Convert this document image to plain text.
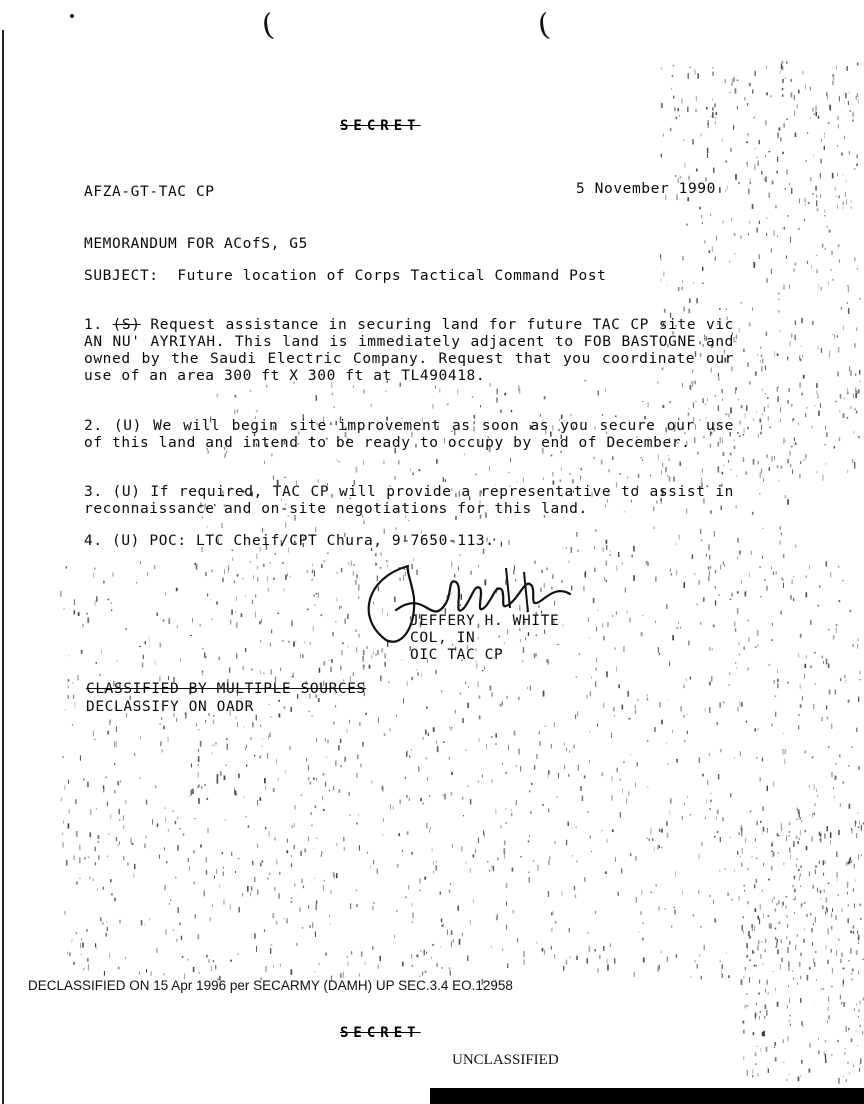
(	(
SECRET
AFZA-GT-TAC CP	5 November 1990
MEMORANDUM FOR ACofS, G5
SUBJECT: Future location of Corps Tactical Command Post
1. (S) Request assistance in securing land for future TAC CP site vic AN NU' AYRIYAH. This land is immediately adjacent to FOB BASTOGNE and owned by the Saudi Electric Company. Request that you coordinate our use of an area 300 ft X 300 ft at TL490418.
2. (U) We will begin site improvement as soon as you secure our use of this land and intend to be ready to occupy by end of December.
3. (U) If required, TAC CP will provide a representative to assist in reconnaissance and on-site negotiations for this land.
4. (U) POC: LTC Cheif/CPT Chura, 9-7650-113.
JEFFERY H. WHITE
COL, IN
OIC TAC CP
CLASSIFIED BY MULTIPLE SOURCES
DECLASSIFY ON OADR
DECLASSIFIED ON 15 Apr 1996 per SECARMY (DAMH) UP SEC.3.4 EO.12958
SECRET
UNCLASSIFIED
